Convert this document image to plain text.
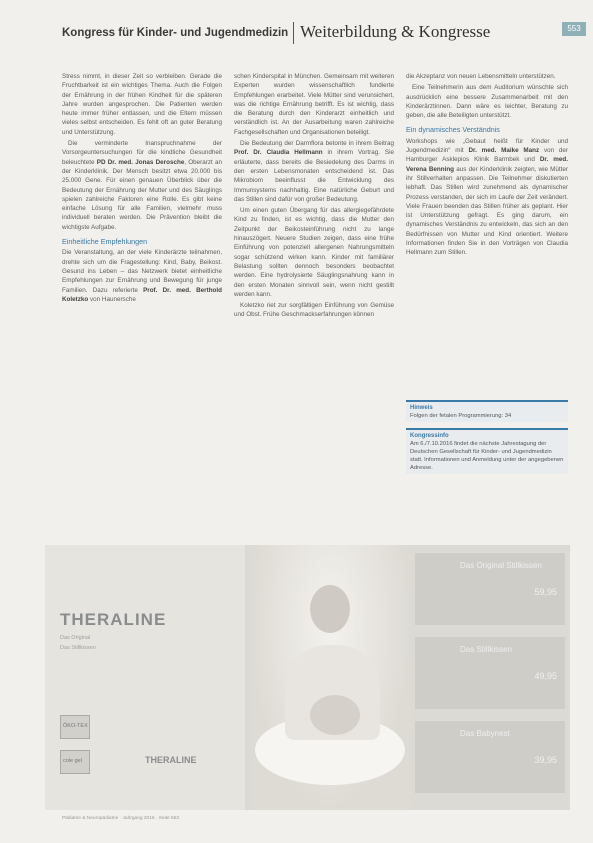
Kongress für Kinder- und Jugendmedizin Weiterbildung & Kongresse	553

Stress nimmt, in dieser Zeit so verbleiben. Gerade die Fruchtbarkeit ist ein wichtiges Thema. Auch die Folgen der Ernährung in der frühen Kindheit für die späteren Jahre wurden angesprochen. Die Patienten werden heute immer früher entlassen, und die Eltern müssen vieles selbst entscheiden. Es fehlt oft an guter Beratung und Unterstützung.

Die verminderte Inanspruchnahme der Vorsorgeuntersuchungen für die kindliche Gesundheit beleuchtete PD Dr. med. Jonas Derosche, Oberarzt an der Kinderklinik. Der Mensch besitzt etwa 20.000 bis 25.000 Gene. Für einen genauen Überblick über die Bedeutung der Ernährung der Mutter und des Säuglings spielen zahlreiche Faktoren eine Rolle. Es gibt keine einfache Lösung für alle Familien, vielmehr muss individuell beraten werden. Die Prävention bleibt die wichtigste Aufgabe.

Einheitliche Empfehlungen

Die Veranstaltung, an der viele Kinderärzte teilnahmen, drehte sich um die Fragestellung: Kind, Baby, Beikost. Gesund ins Leben – das Netzwerk bietet einheitliche Empfehlungen zur Ernährung und Bewegung für junge Familien. Dazu referierte Prof. Dr. med. Berthold Koletzko von Haunersche

schen Kinderspital in München. Gemeinsam mit weiteren Experten wurden wissenschaftlich fundierte Empfehlungen erarbeitet. Viele Mütter sind verunsichert, was die richtige Ernährung betrifft. Es ist wichtig, dass die Beratung durch den Kinderarzt einheitlich und verständlich ist. An der Ausarbeitung waren zahlreiche Fachgesellschaften und Organisationen beteiligt.

Die Bedeutung der Darmflora betonte in ihrem Beitrag Prof. Dr. Claudia Hellmann in ihrem Vortrag. Sie erläuterte, dass bereits die Besiedelung des Darms in den ersten Lebensmonaten entscheidend ist. Das Mikrobiom beeinflusst die Entwicklung des Immunsystems nachhaltig. Eine natürliche Geburt und das Stillen sind dafür von großer Bedeutung.

Um einen guten Übergang für das allergiegefährdete Kind zu finden, ist es wichtig, dass die Mutter den Zeitpunkt der Beikosteinführung nicht zu lange hinauszögert. Neuere Studien zeigen, dass eine frühe Einführung von potenziell allergenen Nahrungsmitteln sogar schützend wirken kann. Kinder mit familiärer Belastung sollten dennoch besonders beobachtet werden. Eine hydrolysierte Säuglingsnahrung kann in den ersten Monaten sinnvoll sein, wenn nicht gestillt werden kann.

Koletzko riet zur sorgfältigen Einführung von Gemüse und Obst. Frühe Geschmackserfahrungen können

die Akzeptanz von neuen Lebensmitteln unterstützen.

Eine Teilnehmerin aus dem Auditorium wünschte sich ausdrücklich eine bessere Zusammenarbeit mit den Kinderärztinnen. Dann wäre es leichter, Beratung zu geben, die alle Beteiligten unterstützt.

Ein dynamisches Verständnis

Workshops wie „Gebaut heißt für Kinder und Jugendmedizin“ mit Dr. med. Maike Manz von der Hamburger Asklepios Klinik Barmbek und Dr. med. Verena Benning aus der Kinderklinik zeigten, wie Mütter ihr Stillverhalten anpassen. Die Teilnehmer diskutierten lebhaft. Das Stillen wird zunehmend als dynamischer Prozess verstanden, der sich im Laufe der Zeit verändert. Viele Frauen beenden das Stillen früher als geplant. Hier ist Unterstützung gefragt. Es ging darum, ein dynamisches Verständnis zu entwickeln, das sich an den Bedürfnissen von Mutter und Kind orientiert. Weitere Informationen finden Sie in den Vorträgen von Claudia Hellmann zum Stillen.

Hinweis
Folgen der fetalen Programmierung: 34
Kongressinfo
Am 6./7.10.2016 findet die nächste Jahrestagung der Deutschen Gesellschaft für Kinder- und Jugendmedizin statt. Informationen und Anmeldung unter der angegebenen Adresse.
THERALINE
Das Original
Das Stillkissen
ÖKO-TEX
cole gel	THERALINE
Das Original Stillkissen
59,95
Das Stillkissen
49,95
Das Babynest
39,95
Pädiatrie & Neuropädiatrie · Jahrgang 2016 · Seite 553
